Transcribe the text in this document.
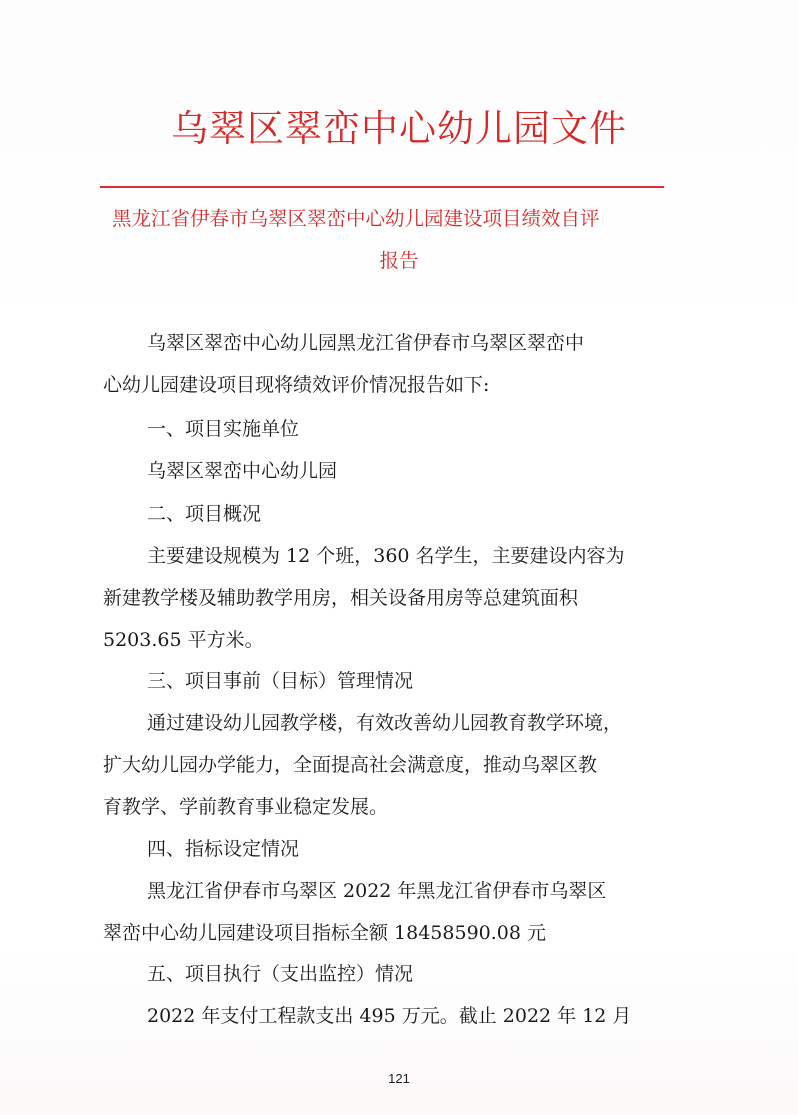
乌翠区翠峦中心幼儿园文件
黑龙江省伊春市乌翠区翠峦中心幼儿园建设项目绩效自评
报告
乌翠区翠峦中心幼儿园黑龙江省伊春市乌翠区翠峦中
心幼儿园建设项目现将绩效评价情况报告如下:
一、项目实施单位
乌翠区翠峦中心幼儿园
二、项目概况
主要建设规模为 12 个班，360 名学生，主要建设内容为
新建教学楼及辅助教学用房，相关设备用房等总建筑面积
5203.65 平方米。
三、项目事前（目标）管理情况
通过建设幼儿园教学楼，有效改善幼儿园教育教学环境，
扩大幼儿园办学能力，全面提高社会满意度，推动乌翠区教
育教学、学前教育事业稳定发展。
四、指标设定情况
黑龙江省伊春市乌翠区 2022 年黑龙江省伊春市乌翠区
翠峦中心幼儿园建设项目指标全额 18458590.08 元
五、项目执行（支出监控）情况
2022 年支付工程款支出 495 万元。截止 2022 年 12 月
121
